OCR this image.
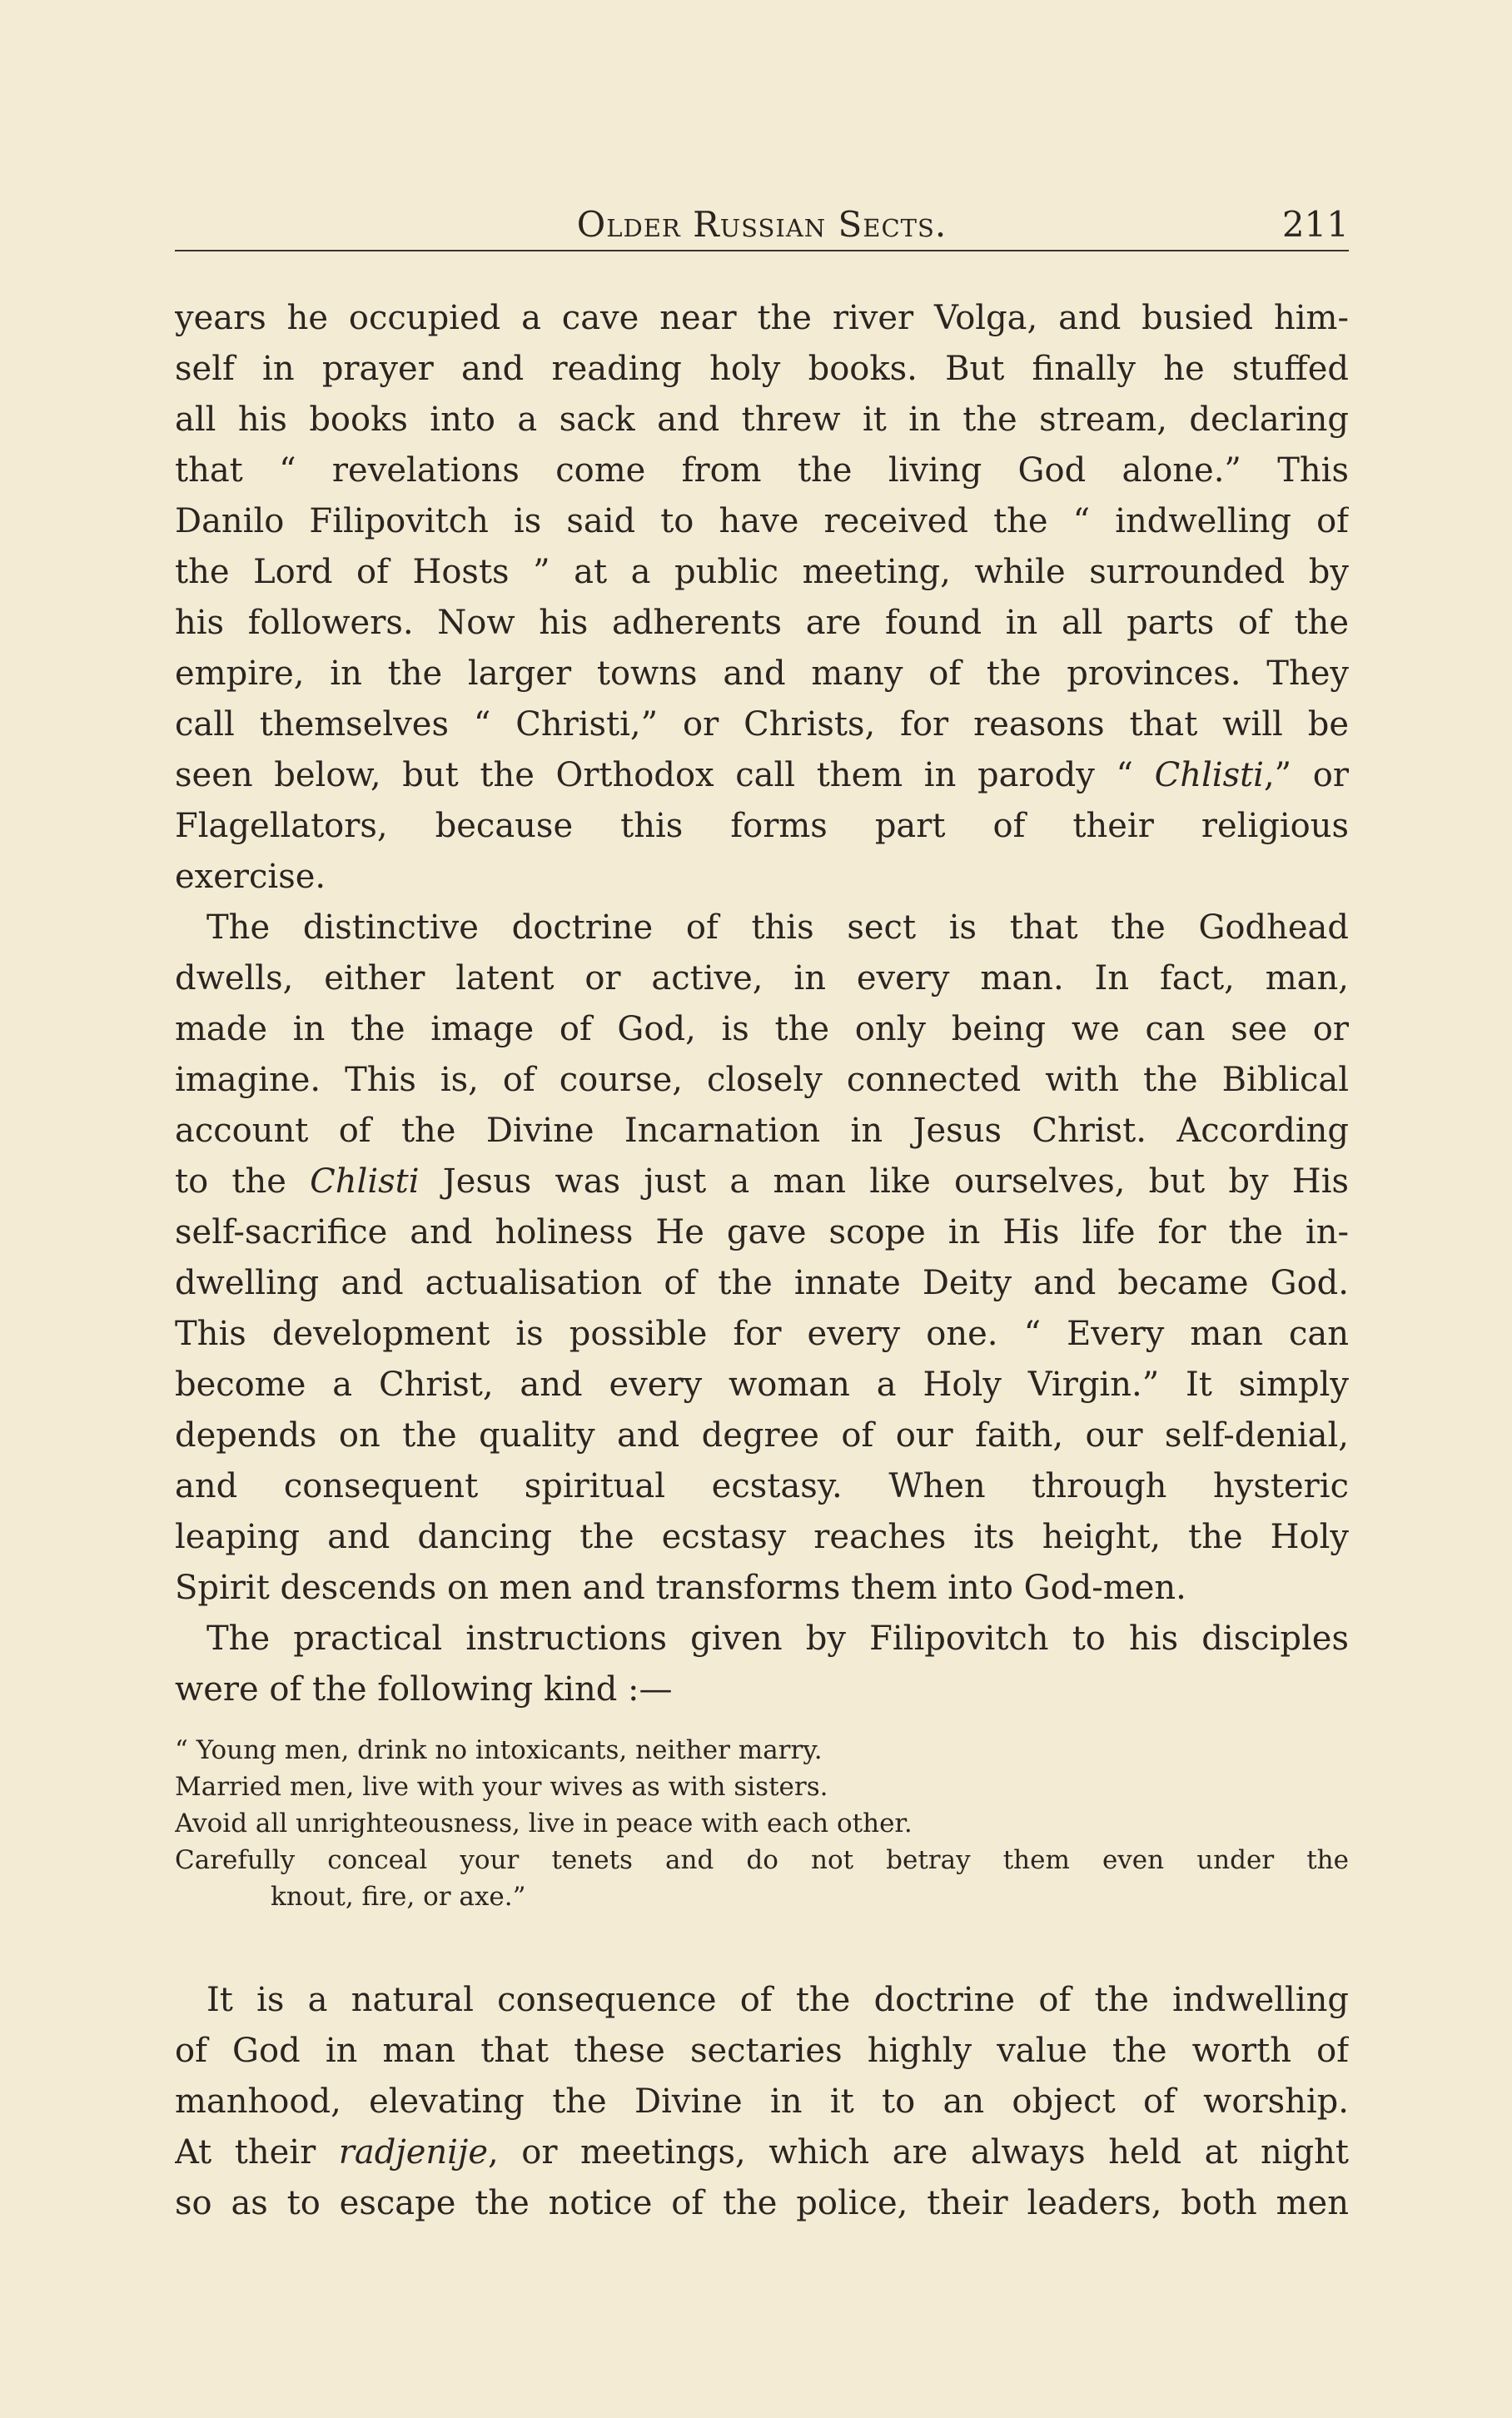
Older Russian Sects.	211
years he occupied a cave near the river Volga, and busied him-
self in prayer and reading holy books. But finally he stuffed
all his books into a sack and threw it in the stream, declaring
that “ revelations come from the living God alone.” This
Danilo Filipovitch is said to have received the “ indwelling of
the Lord of Hosts ” at a public meeting, while surrounded by
his followers. Now his adherents are found in all parts of the
empire, in the larger towns and many of the provinces. They
call themselves “ Christi,” or Christs, for reasons that will be
seen below, but the Orthodox call them in parody “ Chlisti,” or
Flagellators, because this forms part of their religious
exercise.
The distinctive doctrine of this sect is that the Godhead
dwells, either latent or active, in every man. In fact, man,
made in the image of God, is the only being we can see or
imagine. This is, of course, closely connected with the Biblical
account of the Divine Incarnation in Jesus Christ. According
to the Chlisti Jesus was just a man like ourselves, but by His
self-sacrifice and holiness He gave scope in His life for the in-
dwelling and actualisation of the innate Deity and became God.
This development is possible for every one. “ Every man can
become a Christ, and every woman a Holy Virgin.” It simply
depends on the quality and degree of our faith, our self-denial,
and consequent spiritual ecstasy. When through hysteric
leaping and dancing the ecstasy reaches its height, the Holy
Spirit descends on men and transforms them into God-men.
The practical instructions given by Filipovitch to his disciples
were of the following kind :—
“ Young men, drink no intoxicants, neither marry.
Married men, live with your wives as with sisters.
Avoid all unrighteousness, live in peace with each other.
Carefully conceal your tenets and do not betray them even under the
knout, fire, or axe.”
It is a natural consequence of the doctrine of the indwelling
of God in man that these sectaries highly value the worth of
manhood, elevating the Divine in it to an object of worship.
At their radjenije, or meetings, which are always held at night
so as to escape the notice of the police, their leaders, both men
